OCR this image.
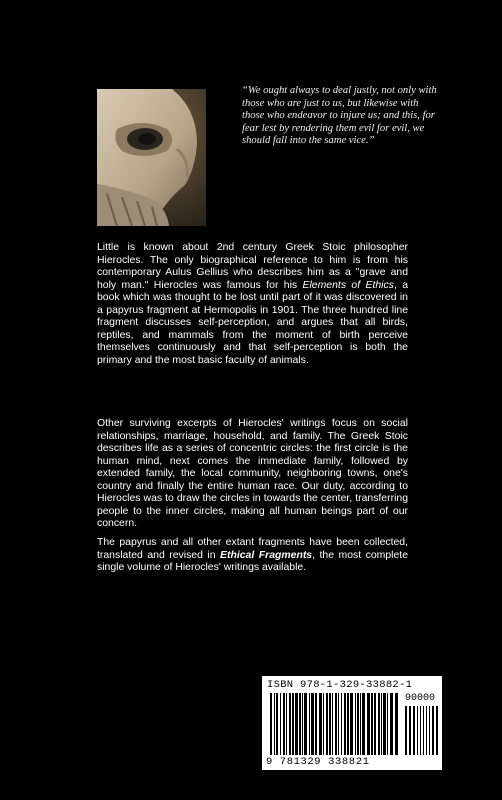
“We ought always to deal justly, not only with those who are just to us, but likewise with those who endeavor to injure us; and this, for fear lest by rendering them evil for evil, we should fall into the same vice.”

Little is known about 2nd century Greek Stoic philosopher Hierocles. The only biographical reference to him is from his contemporary Aulus Gellius who describes him as a "grave and holy man." Hierocles was famous for his Elements of Ethics, a book which was thought to be lost until part of it was discovered in a papyrus fragment at Hermopolis in 1901. The three hundred line fragment discusses self-perception, and argues that all birds, reptiles, and mammals from the moment of birth perceive themselves continuously and that self-perception is both the primary and the most basic faculty of animals.

Other surviving excerpts of Hierocles' writings focus on social relationships, marriage, household, and family. The Greek Stoic describes life as a series of concentric circles: the first circle is the human mind, next comes the immediate family, followed by extended family, the local community, neighboring towns, one's country and finally the entire human race. Our duty, according to Hierocles was to draw the circles in towards the center, transferring people to the inner circles, making all human beings part of our concern.

The papyrus and all other extant fragments have been collected, translated and revised in Ethical Fragments, the most complete single volume of Hierocles' writings available.

ISBN 978-1-329-33882-1
90000
9 781329 338821
